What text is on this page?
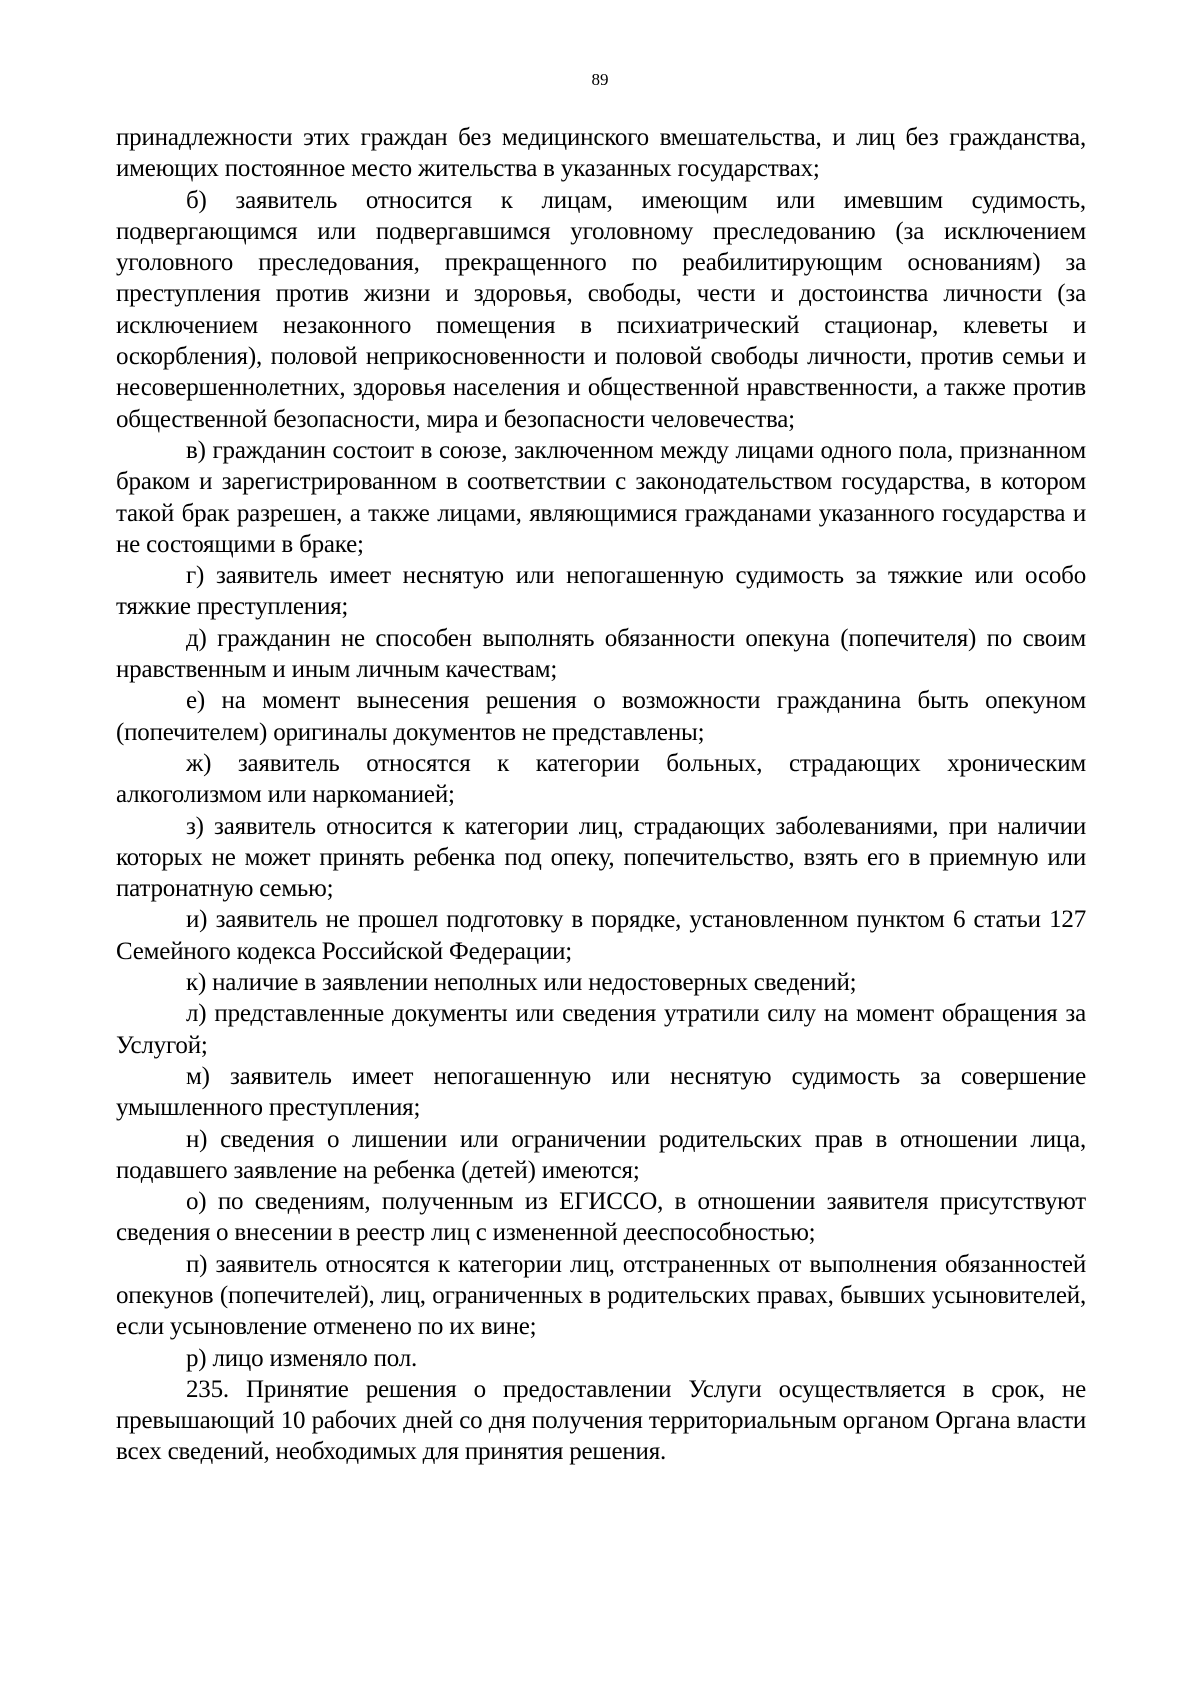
89

принадлежности этих граждан без медицинского вмешательства, и лиц без гражданства, имеющих постоянное место жительства в указанных государствах;

б) заявитель относится к лицам, имеющим или имевшим судимость, подвергающимся или подвергавшимся уголовному преследованию (за исключением уголовного преследования, прекращенного по реабилитирующим основаниям) за преступления против жизни и здоровья, свободы, чести и достоинства личности (за исключением незаконного помещения в психиатрический стационар, клеветы и оскорбления), половой неприкосновенности и половой свободы личности, против семьи и несовершеннолетних, здоровья населения и общественной нравственности, а также против общественной безопасности, мира и безопасности человечества;

в) гражданин состоит в союзе, заключенном между лицами одного пола, признанном браком и зарегистрированном в соответствии с законодательством государства, в котором такой брак разрешен, а также лицами, являющимися гражданами указанного государства и не состоящими в браке;

г) заявитель имеет неснятую или непогашенную судимость за тяжкие или особо тяжкие преступления;

д) гражданин не способен выполнять обязанности опекуна (попечителя) по своим нравственным и иным личным качествам;

е) на момент вынесения решения о возможности гражданина быть опекуном (попечителем) оригиналы документов не представлены;

ж) заявитель относятся к категории больных, страдающих хроническим алкоголизмом или наркоманией;

з) заявитель относится к категории лиц, страдающих заболеваниями, при наличии которых не может принять ребенка под опеку, попечительство, взять его в приемную или патронатную семью;

и) заявитель не прошел подготовку в порядке, установленном пунктом 6 статьи 127 Семейного кодекса Российской Федерации;

к) наличие в заявлении неполных или недостоверных сведений;

л) представленные документы или сведения утратили силу на момент обращения за Услугой;

м) заявитель имеет непогашенную или неснятую судимость за совершение умышленного преступления;

н) сведения о лишении или ограничении родительских прав в отношении лица, подавшего заявление на ребенка (детей) имеются;

о) по сведениям, полученным из ЕГИССО, в отношении заявителя присутствуют сведения о внесении в реестр лиц с измененной дееспособностью;

п) заявитель относятся к категории лиц, отстраненных от выполнения обязанностей опекунов (попечителей), лиц, ограниченных в родительских правах, бывших усыновителей, если усыновление отменено по их вине;

р) лицо изменяло пол.

235. Принятие решения о предоставлении Услуги осуществляется в срок, не превышающий 10 рабочих дней со дня получения территориальным органом Органа власти всех сведений, необходимых для принятия решения.
